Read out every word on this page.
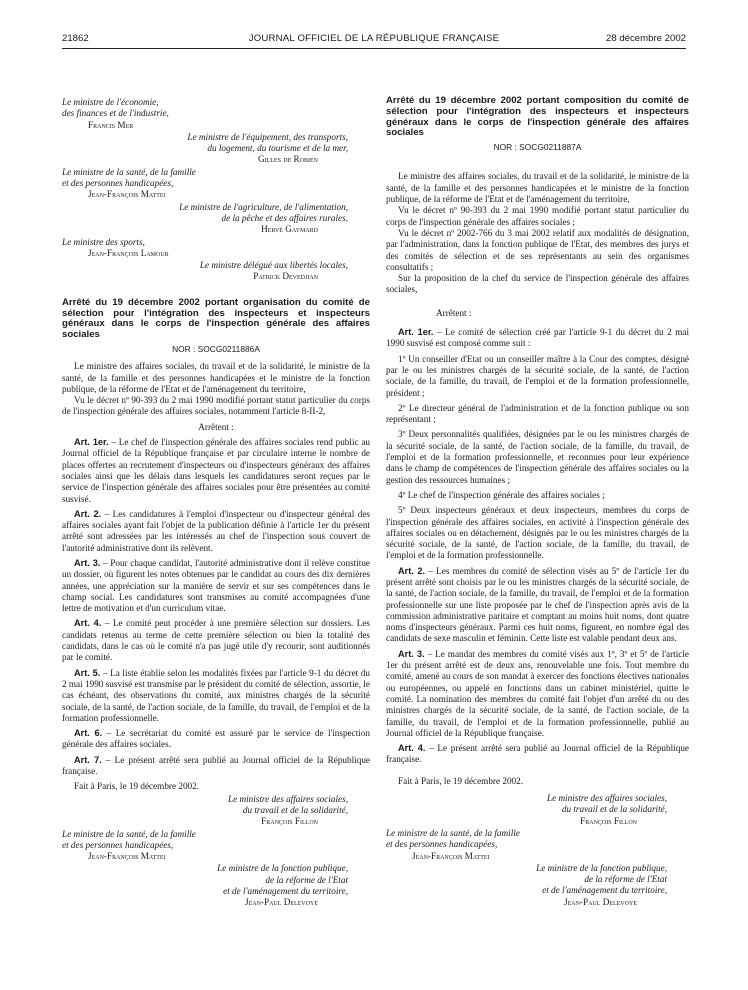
21862	JOURNAL OFFICIEL DE LA RÉPUBLIQUE FRANÇAISE	28 décembre 2002
Le ministre de l'économie,
des finances et de l'industrie,
Francis Mer
Le ministre de l'équipement, des transports,
du logement, du tourisme et de la mer,
Gilles de Robien
Le ministre de la santé, de la famille
et des personnes handicapées,
Jean-François Mattei
Le ministre de l'agriculture, de l'alimentation,
de la pêche et des affaires rurales,
Hervé Gaymard
Le ministre des sports,
Jean-François Lamour
Le ministre délégué aux libertés locales,
Patrick Devedjian
Arrêté du 19 décembre 2002 portant organisation du comité de sélection pour l'intégration des inspecteurs et inspecteurs généraux dans le corps de l'inspection générale des affaires sociales
NOR : SOCG0211886A

Le ministre des affaires sociales, du travail et de la solidarité, le ministre de la santé, de la famille et des personnes handicapées et le ministre de la fonction publique, de la réforme de l'Etat et de l'aménagement du territoire,

Vu le décret nº 90-393 du 2 mai 1990 modifié portant statut particulier du corps de l'inspection générale des affaires sociales, notamment l'article 8-II-2,

Arrêtent :

Art. 1er. – Le chef de l'inspection générale des affaires sociales rend public au Journal officiel de la République française et par circulaire interne le nombre de places offertes au recrutement d'inspecteurs ou d'inspecteurs généraux des affaires sociales ainsi que les délais dans lesquels les candidatures seront reçues par le service de l'inspection générale des affaires sociales pour être présentées au comité susvisé.

Art. 2. – Les candidatures à l'emploi d'inspecteur ou d'inspecteur général des affaires sociales ayant fait l'objet de la publication définie à l'article 1er du présent arrêté sont adressées par les intéressés au chef de l'inspection sous couvert de l'autorité administrative dont ils relèvent.

Art. 3. – Pour chaque candidat, l'autorité administrative dont il relève constitue un dossier, où figurent les notes obtenues par le candidat au cours des dix dernières années, une appréciation sur la manière de servir et sur ses compétences dans le champ social. Les candidatures sont transmises au comité accompagnées d'une lettre de motivation et d'un curriculum vitae.

Art. 4. – Le comité peut procéder à une première sélection sur dossiers. Les candidats retenus au terme de cette première sélection ou bien la totalité des candidats, dans le cas où le comité n'a pas jugé utile d'y recourir, sont auditionnés par le comité.

Art. 5. – La liste établie selon les modalités fixées par l'article 9-1 du décret du 2 mai 1990 susvisé est transmise par le président du comité de sélection, assortie, le cas échéant, des observations du comité, aux ministres chargés de la sécurité sociale, de la santé, de l'action sociale, de la famille, du travail, de l'emploi et de la formation professionnelle.

Art. 6. – Le secrétariat du comité est assuré par le service de l'inspection générale des affaires sociales.

Art. 7. – Le présent arrêté sera publié au Journal officiel de la République française.

Fait à Paris, le 19 décembre 2002.

Le ministre des affaires sociales,
du travail et de la solidarité,
François Fillon
Le ministre de la santé, de la famille
et des personnes handicapées,
Jean-François Mattei
Le ministre de la fonction publique,
de la réforme de l'Etat
et de l'aménagement du territoire,
Jean-Paul Delevoye
Arrêté du 19 décembre 2002 portant composition du comité de sélection pour l'intégration des inspecteurs et inspecteurs généraux dans le corps de l'inspection générale des affaires sociales
NOR : SOCG0211887A

Le ministre des affaires sociales, du travail et de la solidarité, le ministre de la santé, de la famille et des personnes handicapées et le ministre de la fonction publique, de la réforme de l'Etat et de l'aménagement du territoire,

Vu le décret nº 90-393 du 2 mai 1990 modifié portant statut particulier du corps de l'inspection générale des affaires sociales ;

Vu le décret nº 2002-766 du 3 mai 2002 relatif aux modalités de désignation, par l'administration, dans la fonction publique de l'Etat, des membres des jurys et des comités de sélection et de ses représentants au sein des organismes consultatifs ;

Sur la proposition de la chef du service de l'inspection générale des affaires sociales,

Arrêtent :

Art. 1er. – Le comité de sélection créé par l'article 9-1 du décret du 2 mai 1990 susvisé est composé comme suit :

1º Un conseiller d'Etat ou un conseiller maître à la Cour des comptes, désigné par le ou les ministres chargés de la sécurité sociale, de la santé, de l'action sociale, de la famille, du travail, de l'emploi et de la formation professionnelle, président ;

2º Le directeur général de l'administration et de la fonction publique ou son représentant ;

3º Deux personnalités qualifiées, désignées par le ou les ministres chargés de la sécurité sociale, de la santé, de l'action sociale, de la famille, du travail, de l'emploi et de la formation professionnelle, et reconnues pour leur expérience dans le champ de compétences de l'inspection générale des affaires sociales ou la gestion des ressources humaines ;

4º Le chef de l'inspection générale des affaires sociales ;

5º Deux inspecteurs généraux et deux inspecteurs, membres du corps de l'inspection générale des affaires sociales, en activité à l'inspection générale des affaires sociales ou en détachement, désignés par le ou les ministres chargés de la sécurité sociale, de la santé, de l'action sociale, de la famille, du travail, de l'emploi et de la formation professionnelle.

Art. 2. – Les membres du comité de sélection visés au 5º de l'article 1er du présent arrêté sont choisis par le ou les ministres chargés de la sécurité sociale, de la santé, de l'action sociale, de la famille, du travail, de l'emploi et de la formation professionnelle sur une liste proposée par le chef de l'inspection après avis de la commission administrative paritaire et comptant au moins huit noms, dont quatre noms d'inspecteurs généraux. Parmi ces huit noms, figurent, en nombre égal des candidats de sexe masculin et féminin. Cette liste est valable pendant deux ans.

Art. 3. – Le mandat des membres du comité visés aux 1º, 3º et 5º de l'article 1er du présent arrêté est de deux ans, renouvelable une fois. Tout membre du comité, amené au cours de son mandat à exercer des fonctions électives nationales ou européennes, ou appelé en fonctions dans un cabinet ministériel, quitte le comité. La nomination des membres du comité fait l'objet d'un arrêté du ou des ministres chargés de la sécurité sociale, de la santé, de l'action sociale, de la famille, du travail, de l'emploi et de la formation professionnelle, publié au Journal officiel de la République française.

Art. 4. – Le présent arrêté sera publié au Journal officiel de la République française.

Fait à Paris, le 19 décembre 2002.

Le ministre des affaires sociales,
du travail et de la solidarité,
François Fillon
Le ministre de la santé, de la famille
et des personnes handicapées,
Jean-François Mattei
Le ministre de la fonction publique,
de la réforme de l'Etat
et de l'aménagement du territoire,
Jean-Paul Delevoye
